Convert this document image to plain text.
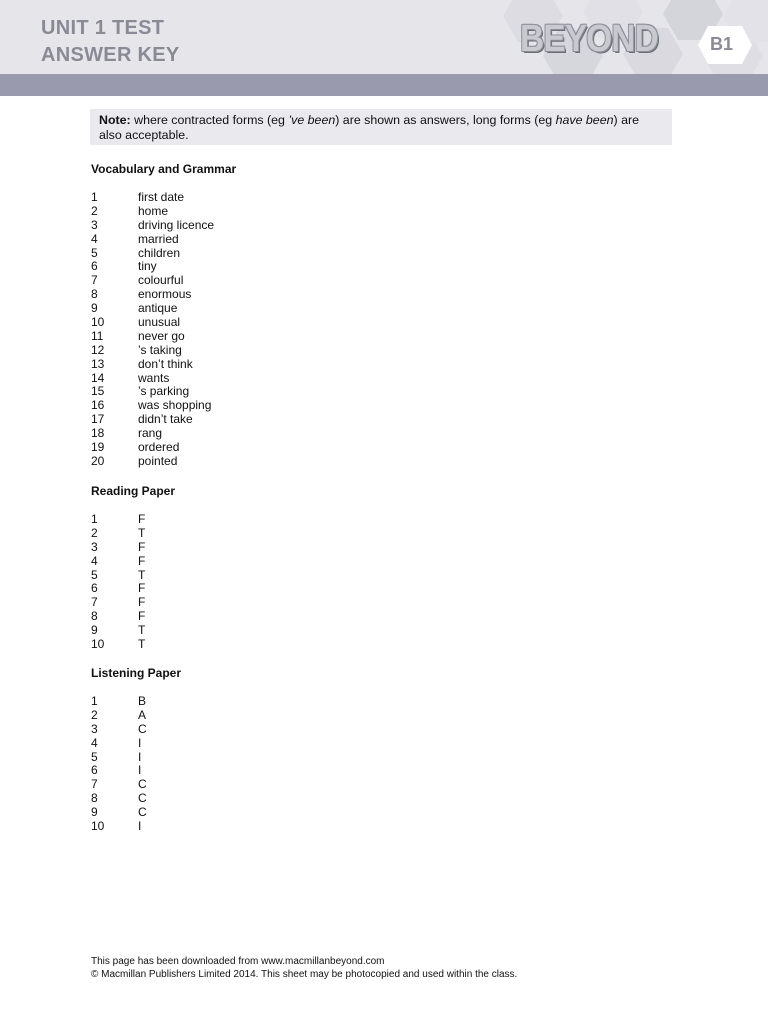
UNIT 1 TEST
ANSWER KEY	BEYOND	B1
Note: where contracted forms (eg ’ve been) are shown as answers, long forms (eg have been) are also acceptable.
Vocabulary and Grammar
1	first date
2	home
3	driving licence
4	married
5	children
6	tiny
7	colourful
8	enormous
9	antique
10	unusual
11	never go
12	’s taking
13	don’t think
14	wants
15	’s parking
16	was shopping
17	didn’t take
18	rang
19	ordered
20	pointed
Reading Paper
1	F
2	T
3	F
4	F
5	T
6	F
7	F
8	F
9	T
10	T
Listening Paper
1	B
2	A
3	C
4	I
5	I
6	I
7	C
8	C
9	C
10	I
This page has been downloaded from www.macmillanbeyond.com
© Macmillan Publishers Limited 2014. This sheet may be photocopied and used within the class.
